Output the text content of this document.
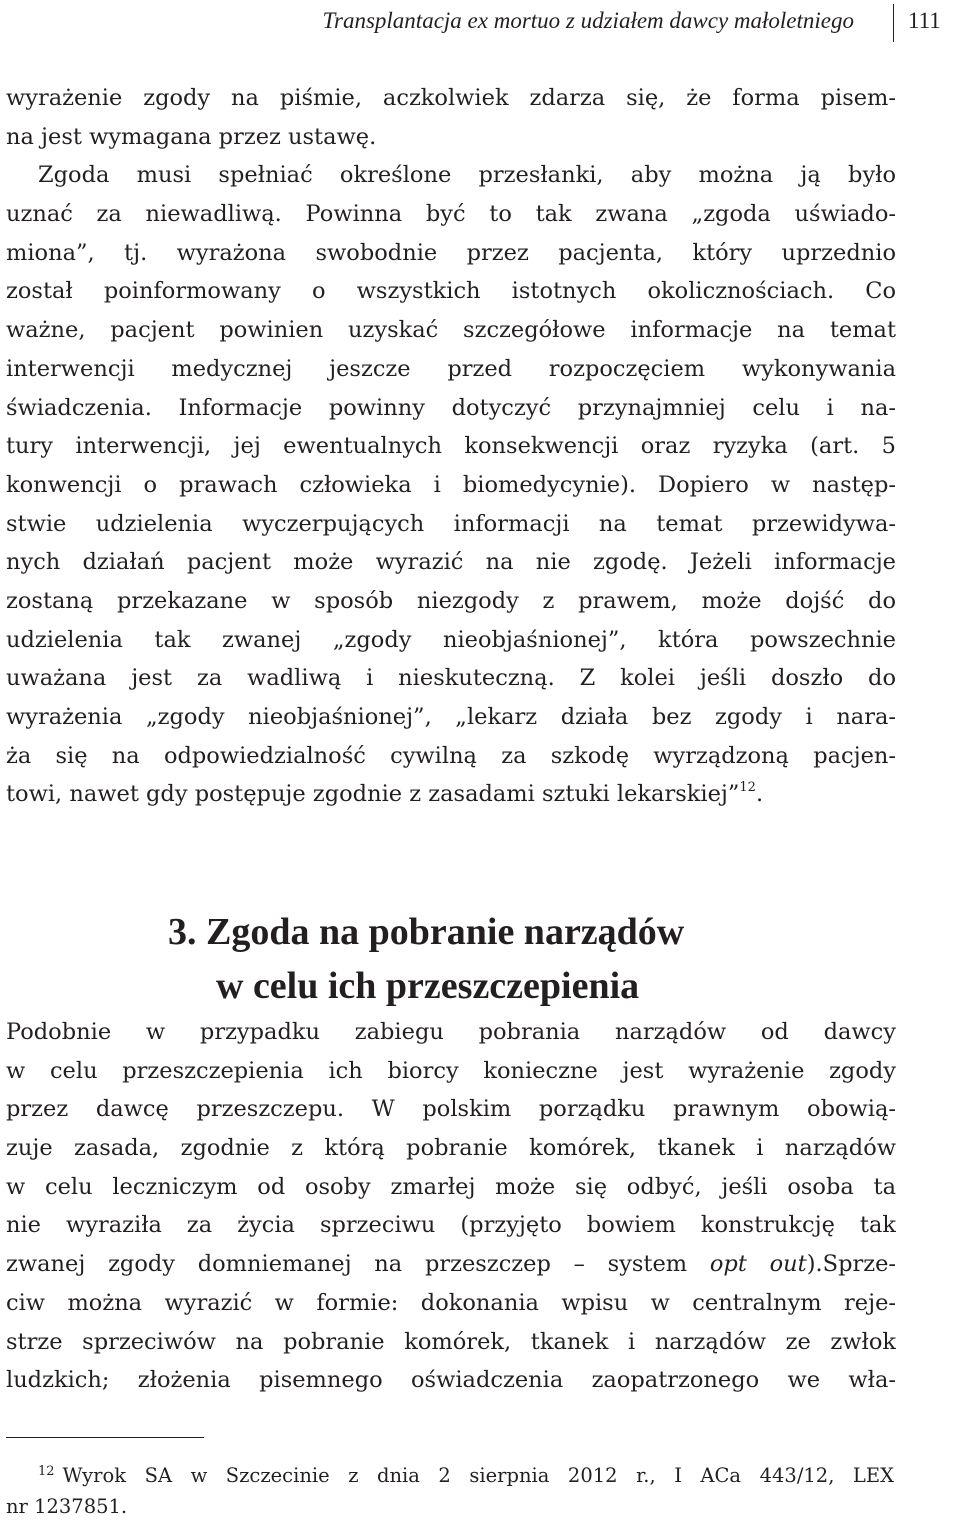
Transplantacja ex mortuo z udziałem dawcy małoletniego 111
wyrażenie zgody na piśmie, aczkolwiek zdarza się, że forma pisem-
na jest wymagana przez ustawę.
Zgoda musi spełniać określone przesłanki, aby można ją było
uznać za niewadliwą. Powinna być to tak zwana „zgoda uświado-
miona”, tj. wyrażona swobodnie przez pacjenta, który uprzednio
został poinformowany o wszystkich istotnych okolicznościach. Co
ważne, pacjent powinien uzyskać szczegółowe informacje na temat
interwencji medycznej jeszcze przed rozpoczęciem wykonywania
świadczenia. Informacje powinny dotyczyć przynajmniej celu i na-
tury interwencji, jej ewentualnych konsekwencji oraz ryzyka (art. 5
konwencji o prawach człowieka i biomedycynie). Dopiero w następ-
stwie udzielenia wyczerpujących informacji na temat przewidywa-
nych działań pacjent może wyrazić na nie zgodę. Jeżeli informacje
zostaną przekazane w sposób niezgody z prawem, może dojść do
udzielenia tak zwanej „zgody nieobjaśnionej”, która powszechnie
uważana jest za wadliwą i nieskuteczną. Z kolei jeśli doszło do
wyrażenia „zgody nieobjaśnionej”, „lekarz działa bez zgody i nara-
ża się na odpowiedzialność cywilną za szkodę wyrządzoną pacjen-
towi, nawet gdy postępuje zgodnie z zasadami sztuki lekarskiej”$^{12}$.
3. Zgoda na pobranie narządów
w celu ich przeszczepienia
Podobnie w przypadku zabiegu pobrania narządów od dawcy
w celu przeszczepienia ich biorcy konieczne jest wyrażenie zgody
przez dawcę przeszczepu. W polskim porządku prawnym obowią-
zuje zasada, zgodnie z którą pobranie komórek, tkanek i narządów
w celu leczniczym od osoby zmarłej może się odbyć, jeśli osoba ta
nie wyraziła za życia sprzeciwu (przyjęto bowiem konstrukcję tak
zwanej zgody domniemanej na przeszczep – system opt out).Sprze-
ciw można wyrazić w formie: dokonania wpisu w centralnym reje-
strze sprzeciwów na pobranie komórek, tkanek i narządów ze zwłok
ludzkich; złożenia pisemnego oświadczenia zaopatrzonego we wła-
$^{12}$ Wyrok SA w Szczecinie z dnia 2 sierpnia 2012 r., I ACa 443/12, LEX
nr 1237851.
